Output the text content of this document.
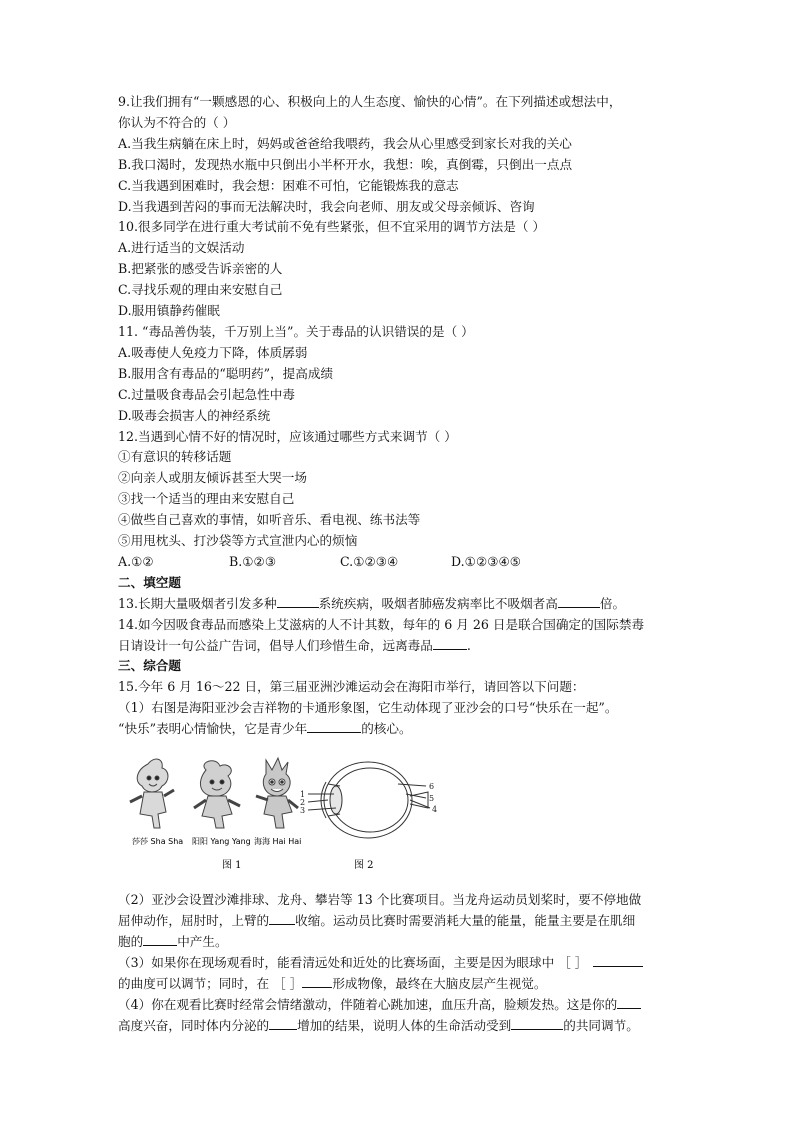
9.让我们拥有“一颗感恩的心、积极向上的人生态度、愉快的心情”。在下列描述或想法中，
你认为不符合的（ ）
A.当我生病躺在床上时，妈妈或爸爸给我喂药，我会从心里感受到家长对我的关心
B.我口渴时，发现热水瓶中只倒出小半杯开水，我想：唉，真倒霉，只倒出一点点
C.当我遇到困难时，我会想：困难不可怕，它能锻炼我的意志
D.当我遇到苦闷的事而无法解决时，我会向老师、朋友或父母亲倾诉、咨询
10.很多同学在进行重大考试前不免有些紧张，但不宜采用的调节方法是（ ）
A.进行适当的文娱活动
B.把紧张的感受告诉亲密的人
C.寻找乐观的理由来安慰自己
D.服用镇静药催眠
11. “毒品善伪装，千万别上当”。关于毒品的认识错误的是（ ）
A.吸毒使人免疫力下降，体质孱弱
B.服用含有毒品的“聪明药”，提高成绩
C.过量吸食毒品会引起急性中毒
D.吸毒会损害人的神经系统
12.当遇到心情不好的情况时，应该通过哪些方式来调节（ ）
①有意识的转移话题
②向亲人或朋友倾诉甚至大哭一场
③找一个适当的理由来安慰自己
④做些自己喜欢的事情，如听音乐、看电视、练书法等
⑤用甩枕头、打沙袋等方式宣泄内心的烦恼
A.①②	B.①②③	C.①②③④	D.①②③④⑤
二、填空题
13.长期大量吸烟者引发多种	系统疾病，吸烟者肺癌发病率比不吸烟者高	倍。
14.如今因吸食毒品而感染上艾滋病的人不计其数，每年的 6 月 26 日是联合国确定的国际禁毒
日请设计一句公益广告词，倡导人们珍惜生命，远离毒品	.
三、综合题
15.今年 6 月 16～22 日，第三届亚洲沙滩运动会在海阳市举行，请回答以下问题：
（1）右图是海阳亚沙会吉祥物的卡通形象图，它生动体现了亚沙会的口号“快乐在一起”。
“快乐”表明心情愉快，它是青少年	的核心。
（2）亚沙会设置沙滩排球、龙舟、攀岩等 13 个比赛项目。当龙舟运动员划桨时，要不停地做
屈伸动作，屈肘时，上臂的 收缩。运动员比赛时需要消耗大量的能量，能量主要是在肌细
胞的	中产生。
（3）如果你在现场观看时，能看清远处和近处的比赛场面，主要是因为眼球中 ［ ］
的曲度可以调节；同时，在 ［ ］ 形成物像，最终在大脑皮层产生视觉。
（4）你在观看比赛时经常会情绪激动，伴随着心跳加速，血压升高，脸颊发热。这是你的
高度兴奋，同时体内分泌的 增加的结果，说明人体的生命活动受到	的共同调节。
莎莎 Sha Sha 阳阳 Yang Yang 海海 Hai Hai
图 1
1
2
3	4
5
6
图 2
